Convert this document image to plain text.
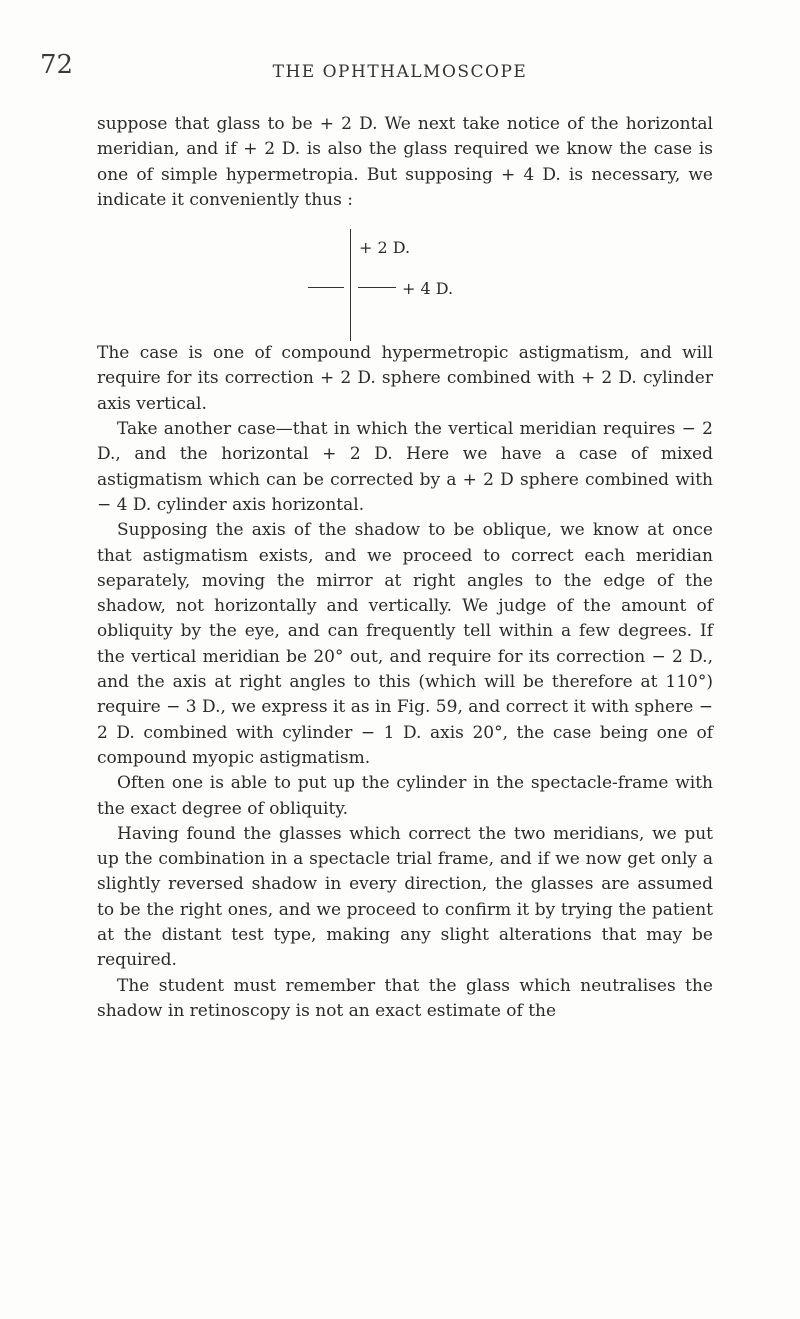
72	THE OPHTHALMOSCOPE

suppose that glass to be + 2 D. We next take notice of the horizontal meridian, and if + 2 D. is also the glass required we know the case is one of simple hypermetropia. But supposing + 4 D. is necessary, we indicate it conveniently thus :

+ 2 D.
+ 4 D.

The case is one of compound hypermetropic astigmatism, and will require for its correction + 2 D. sphere combined with + 2 D. cylinder axis vertical.

Take another case—that in which the vertical meridian requires − 2 D., and the horizontal + 2 D. Here we have a case of mixed astigmatism which can be corrected by a + 2 D sphere combined with − 4 D. cylinder axis horizontal.

Supposing the axis of the shadow to be oblique, we know at once that astigmatism exists, and we proceed to correct each meridian separately, moving the mirror at right angles to the edge of the shadow, not horizontally and vertically. We judge of the amount of obliquity by the eye, and can frequently tell within a few degrees. If the vertical meridian be 20° out, and require for its correction − 2 D., and the axis at right angles to this (which will be therefore at 110°) require − 3 D., we express it as in Fig. 59, and correct it with sphere − 2 D. combined with cylinder − 1 D. axis 20°, the case being one of compound myopic astigmatism.

Often one is able to put up the cylinder in the spectacle-frame with the exact degree of obliquity.

Having found the glasses which correct the two meridians, we put up the combination in a spectacle trial frame, and if we now get only a slightly reversed shadow in every direction, the glasses are assumed to be the right ones, and we proceed to confirm it by trying the patient at the distant test type, making any slight alterations that may be required.

The student must remember that the glass which neutralises the shadow in retinoscopy is not an exact estimate of the
